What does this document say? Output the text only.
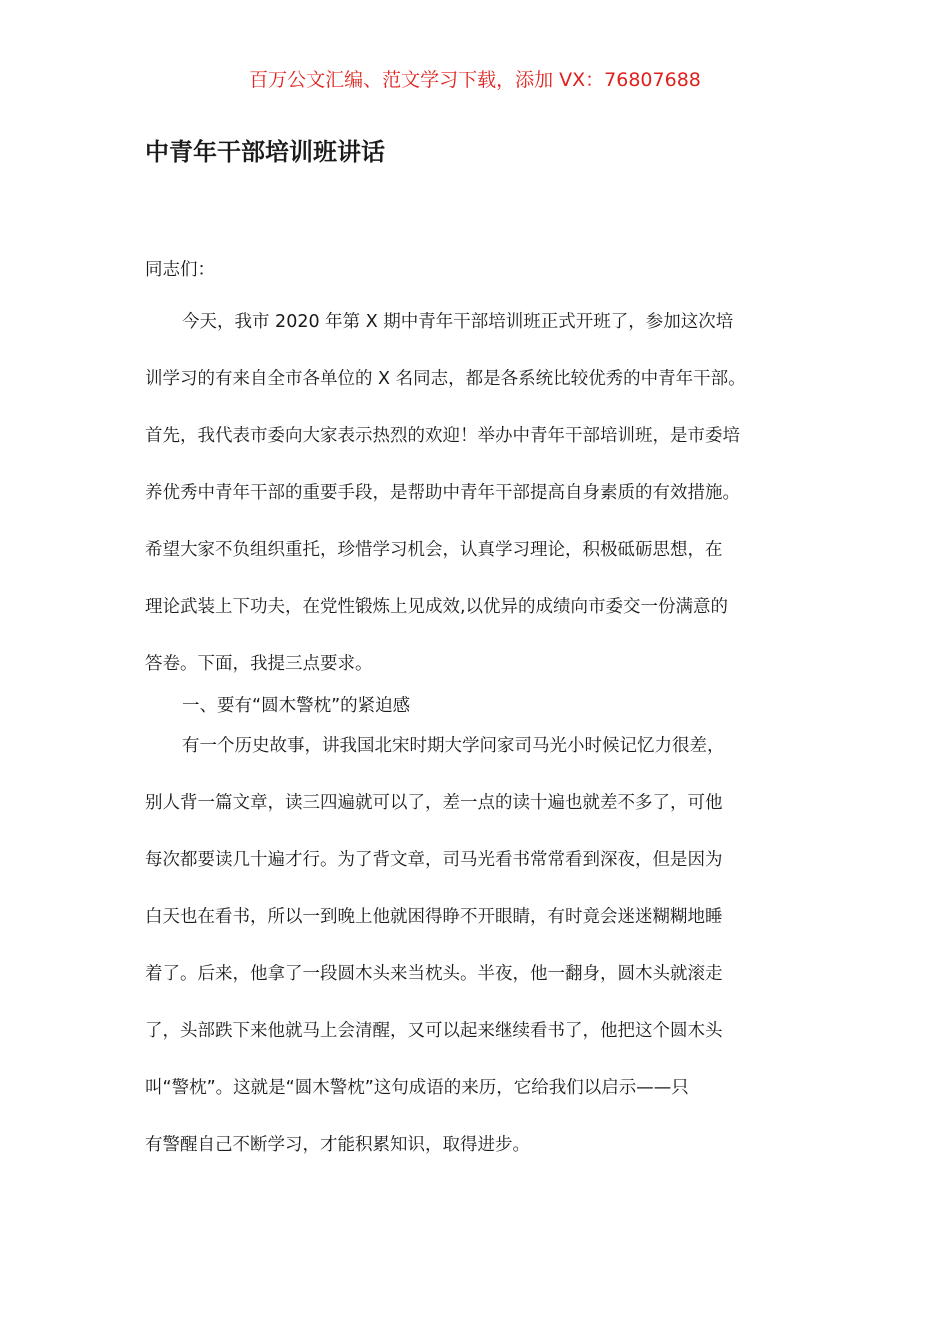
百万公文汇编、范文学习下载，添加 VX：76807688
中青年干部培训班讲话
同志们：
今天，我市 2020 年第 X 期中青年干部培训班正式开班了，参加这次培
训学习的有来自全市各单位的 X 名同志，都是各系统比较优秀的中青年干部。
首先，我代表市委向大家表示热烈的欢迎！举办中青年干部培训班，是市委培
养优秀中青年干部的重要手段，是帮助中青年干部提高自身素质的有效措施。
希望大家不负组织重托，珍惜学习机会，认真学习理论，积极砥砺思想，在
理论武装上下功夫，在党性锻炼上见成效,以优异的成绩向市委交一份满意的
答卷。下面，我提三点要求。
一、要有“圆木警枕”的紧迫感
有一个历史故事，讲我国北宋时期大学问家司马光小时候记忆力很差，
别人背一篇文章，读三四遍就可以了，差一点的读十遍也就差不多了，可他
每次都要读几十遍才行。为了背文章，司马光看书常常看到深夜，但是因为
白天也在看书，所以一到晚上他就困得睁不开眼睛，有时竟会迷迷糊糊地睡
着了。后来，他拿了一段圆木头来当枕头。半夜，他一翻身，圆木头就滚走
了，头部跌下来他就马上会清醒，又可以起来继续看书了，他把这个圆木头
叫“警枕”。这就是“圆木警枕”这句成语的来历，它给我们以启示——只
有警醒自己不断学习，才能积累知识，取得进步。
